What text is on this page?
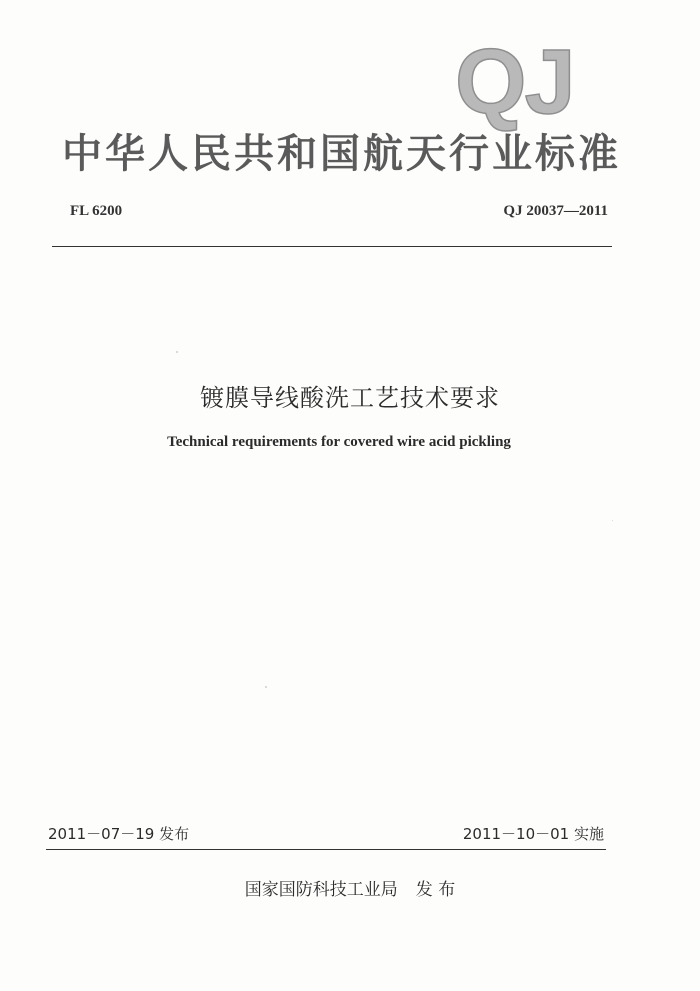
QJ
中华人民共和国航天行业标准
FL 6200	QJ 20037—2011
镀膜导线酸洗工艺技术要求
Technical requirements for covered wire acid pickling
2011－07－19 发布	2011－10－01 实施
国家国防科技工业局 发 布
